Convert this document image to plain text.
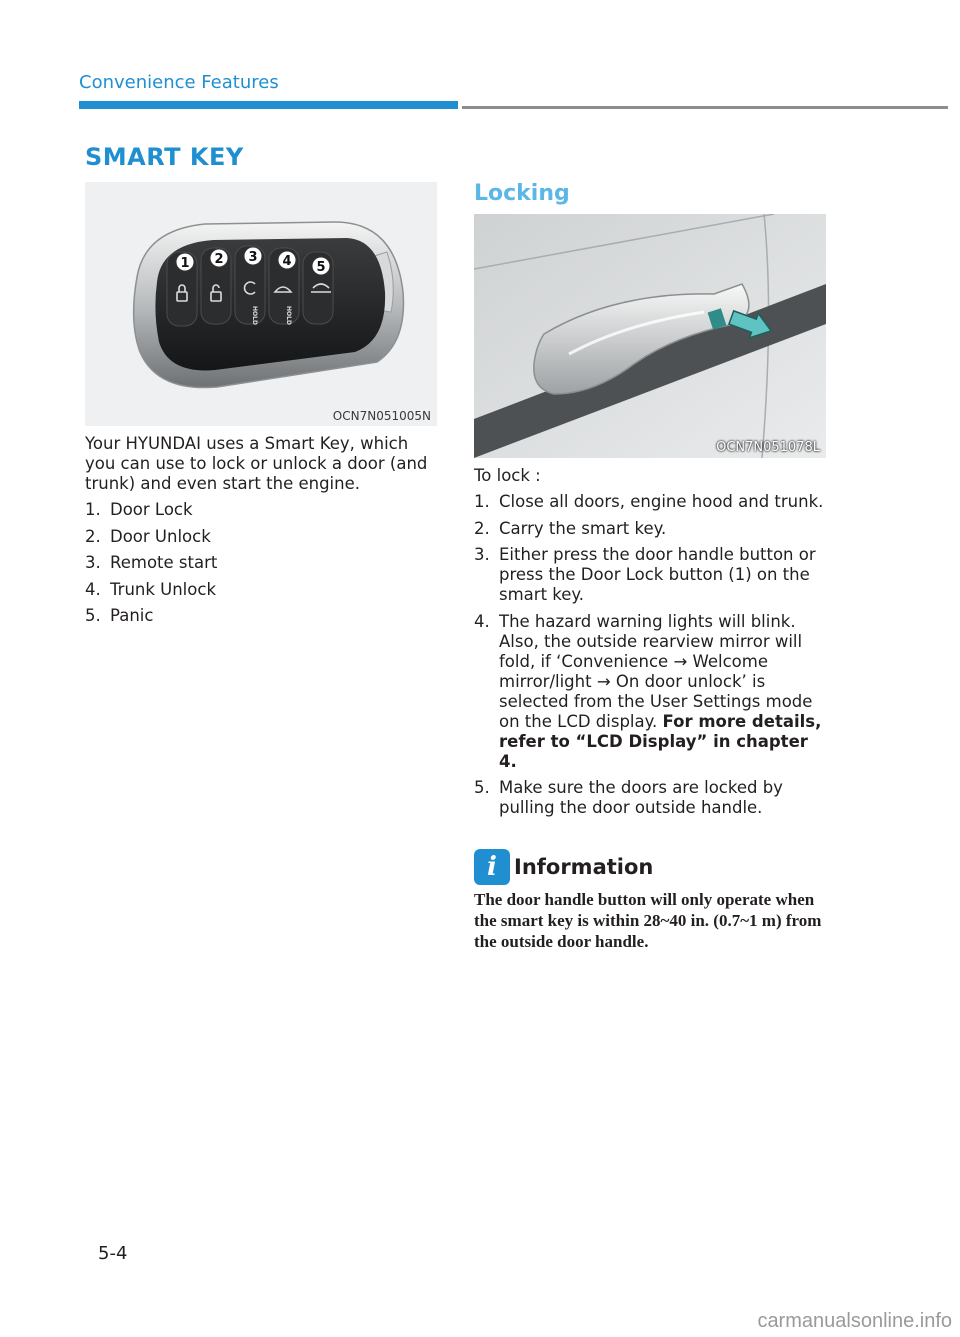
Convenience Features
SMART KEY
HOLD	HOLD
1 2 3 4 5
OCN7N051005N

Your HYUNDAI uses a Smart Key, which you can use to lock or unlock a door (and trunk) and even start the engine.

1. Door Lock
2. Door Unlock
3. Remote start
4. Trunk Unlock
5. Panic
Locking
OCN7N051078L

To lock :

1. Close all doors, engine hood and trunk.
2. Carry the smart key.
3. Either press the door handle button or press the Door Lock button (1) on the smart key.
4. The hazard warning lights will blink. Also, the outside rearview mirror will fold, if ‘Convenience → Welcome mirror/light → On door unlock’ is selected from the User Settings mode on the LCD display. For more details, refer to “LCD Display” in chapter 4.
5. Make sure the doors are locked by pulling the door outside handle.
i Information
The door handle button will only operate when the smart key is within 28~40 in. (0.7~1 m) from the outside door handle.
5-4
carmanualsonline.info
